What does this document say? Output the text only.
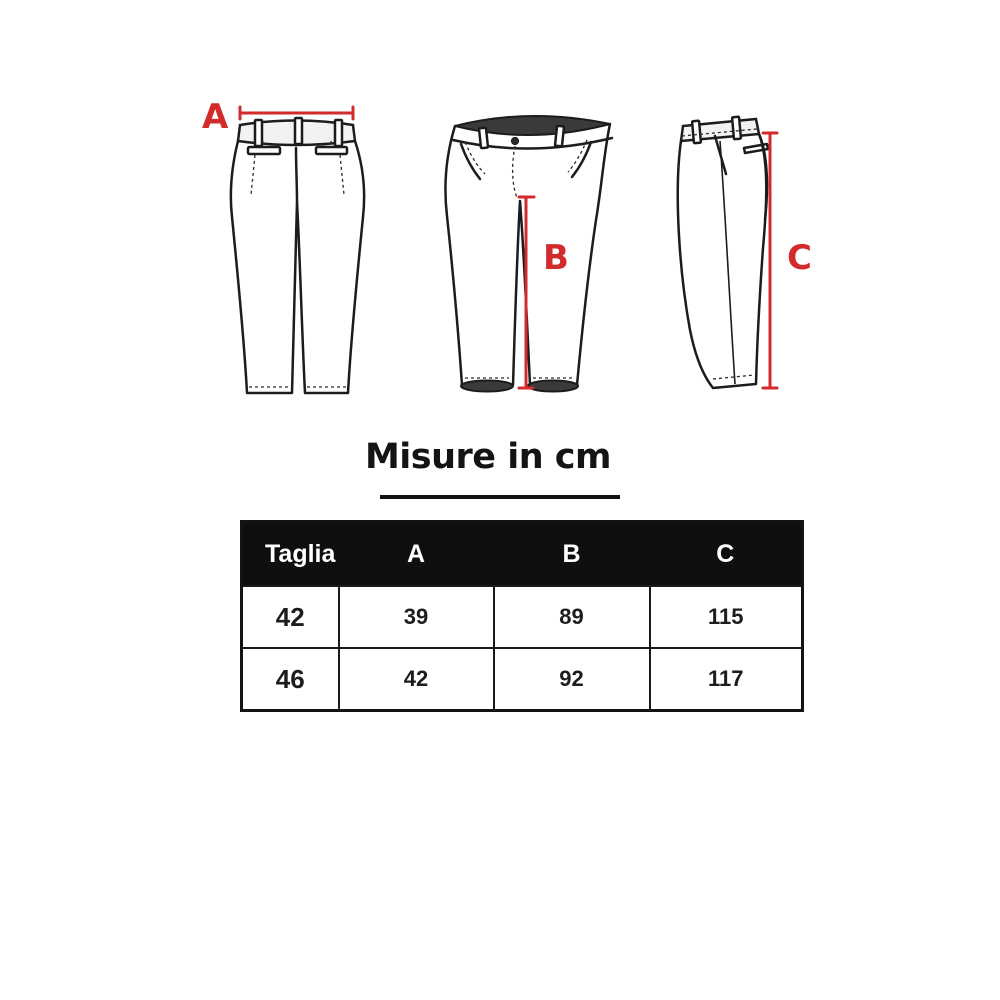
A
B	C
Misure in cm
Taglia	A	B	C
42	39	89	115
46	42	92	117
